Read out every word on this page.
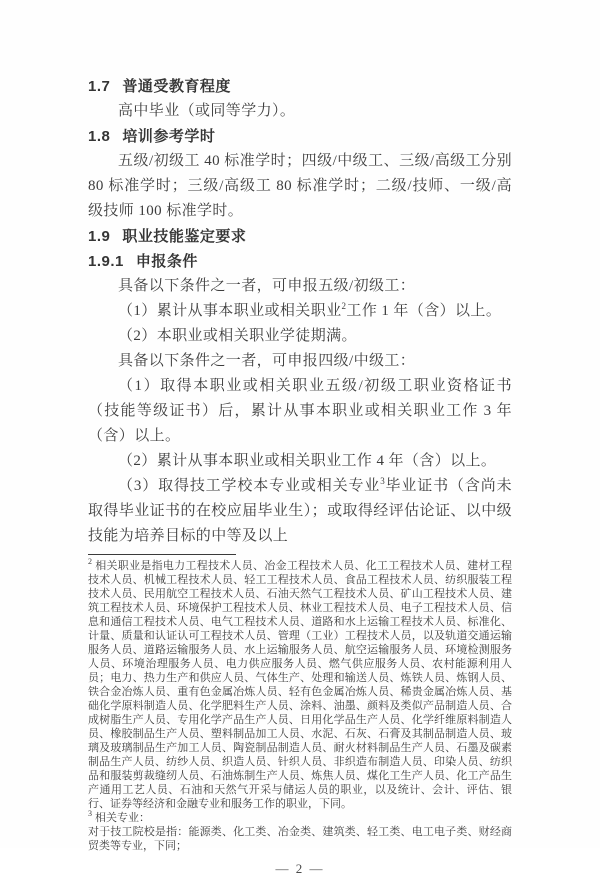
1.7 普通受教育程度

高中毕业（或同等学力）。

1.8 培训参考学时

五级/初级工 40 标准学时；四级/中级工、三级/高级工分别 80 标准学时；三级/高级工 80 标准学时；二级/技师、一级/高级技师 100 标准学时。

1.9 职业技能鉴定要求
1.9.1 申报条件

具备以下条件之一者，可申报五级/初级工：

（1）累计从事本职业或相关职业$^2$工作 1 年（含）以上。

（2）本职业或相关职业学徒期满。

具备以下条件之一者，可申报四级/中级工：

（1）取得本职业或相关职业五级/初级工职业资格证书（技能等级证书）后，累计从事本职业或相关职业工作 3 年（含）以上。

（2）累计从事本职业或相关职业工作 4 年（含）以上。

（3）取得技工学校本专业或相关专业$^3$毕业证书（含尚未取得毕业证书的在校应届毕业生）；或取得经评估论证、以中级技能为培养目标的中等及以上

$^2$ 相关职业是指电力工程技术人员、冶金工程技术人员、化工工程技术人员、建材工程技术人员、机械工程技术人员、轻工工程技术人员、食品工程技术人员、纺织服装工程技术人员、民用航空工程技术人员、石油天然气工程技术人员、矿山工程技术人员、建筑工程技术人员、环境保护工程技术人员、林业工程技术人员、电子工程技术人员、信息和通信工程技术人员、电气工程技术人员、道路和水上运输工程技术人员、标准化、计量、质量和认证认可工程技术人员、管理（工业）工程技术人员，以及轨道交通运输服务人员、道路运输服务人员、水上运输服务人员、航空运输服务人员、环境检测服务人员、环境治理服务人员、电力供应服务人员、燃气供应服务人员、农村能源利用人员；电力、热力生产和供应人员、气体生产、处理和输送人员、炼铁人员、炼钢人员、铁合金冶炼人员、重有色金属冶炼人员、轻有色金属冶炼人员、稀贵金属冶炼人员、基础化学原料制造人员、化学肥料生产人员、涂料、油墨、颜料及类似产品制造人员、合成树脂生产人员、专用化学产品生产人员、日用化学品生产人员、化学纤维原料制造人员、橡胶制品生产人员、塑料制品加工人员、水泥、石灰、石膏及其制品制造人员、玻璃及玻璃制品生产加工人员、陶瓷制品制造人员、耐火材料制品生产人员、石墨及碳素制品生产人员、纺纱人员、织造人员、针织人员、非织造布制造人员、印染人员、纺织品和服装剪裁缝纫人员、石油炼制生产人员、炼焦人员、煤化工生产人员、化工产品生产通用工艺人员、石油和天然气开采与储运人员的职业，以及统计、会计、评估、银行、证券等经济和金融专业和服务工作的职业，下同。

$^3$ 相关专业：

对于技工院校是指：能源类、化工类、冶金类、建筑类、轻工类、电工电子类、财经商贸类等专业，下同；

— 2 —
